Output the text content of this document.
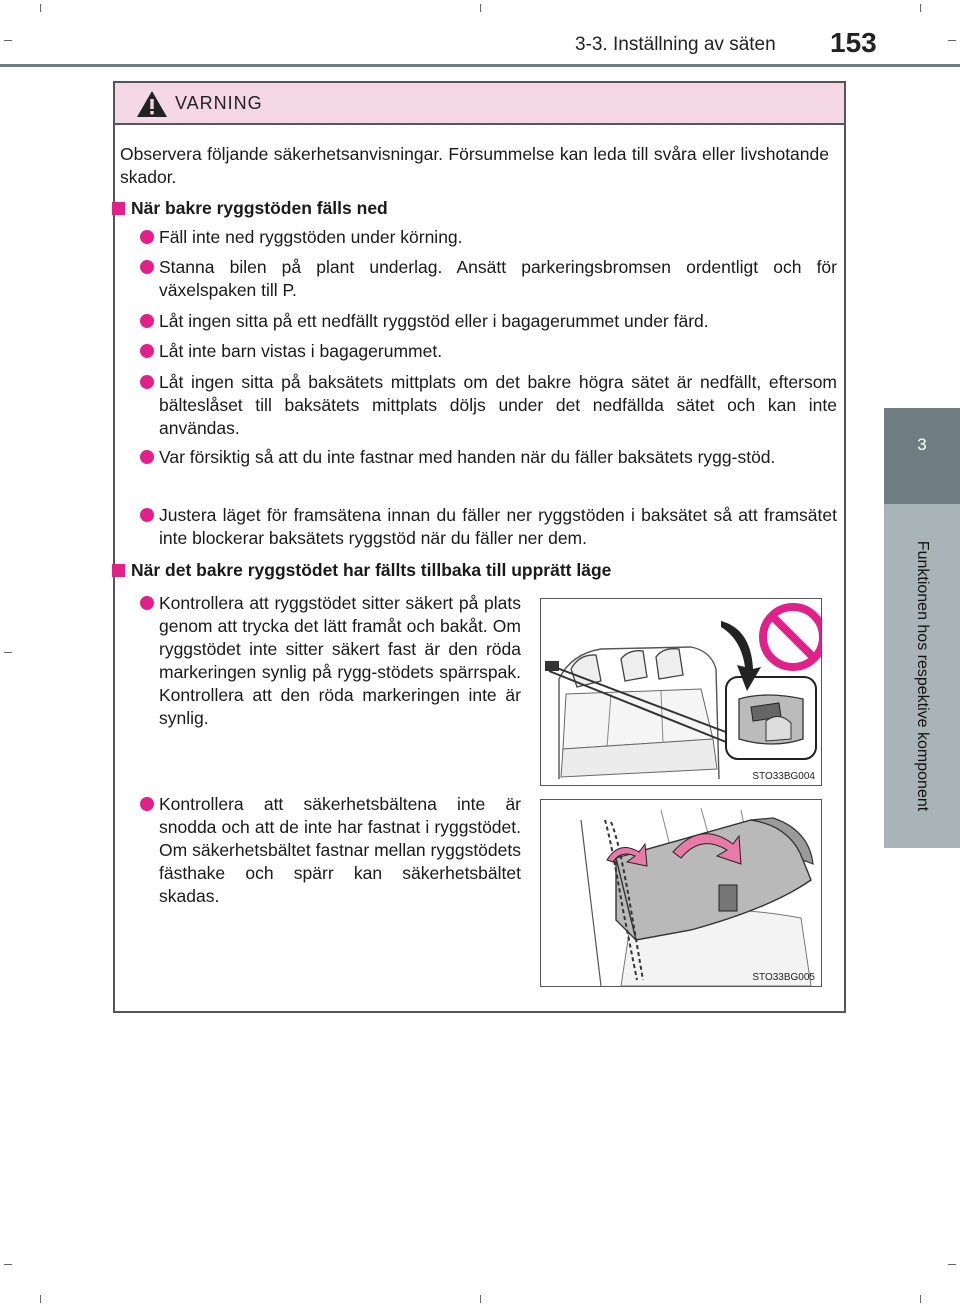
3-3. Inställning av säten 153
3
Funktionen hos respektive komponent
VARNING
Observera följande säkerhetsanvisningar. Försummelse kan leda till svåra eller livshotande skador.
När bakre ryggstöden fälls ned
Fäll inte ned ryggstöden under körning.
Stanna bilen på plant underlag. Ansätt parkeringsbromsen ordentligt och för växelspaken till P.
Låt ingen sitta på ett nedfällt ryggstöd eller i bagagerummet under färd.
Låt inte barn vistas i bagagerummet.
Låt ingen sitta på baksätets mittplats om det bakre högra sätet är nedfällt, eftersom bälteslåset till baksätets mittplats döljs under det nedfällda sätet och kan inte användas.
Var försiktig så att du inte fastnar med handen när du fäller baksätets rygg-stöd.
Justera läget för framsätena innan du fäller ner ryggstöden i baksätet så att framsätet inte blockerar baksätets ryggstöd när du fäller ner dem.
När det bakre ryggstödet har fällts tillbaka till upprätt läge
Kontrollera att ryggstödet sitter säkert på plats genom att trycka det lätt framåt och bakåt. Om ryggstödet inte sitter säkert fast är den röda markeringen synlig på rygg-stödets spärrspak. Kontrollera att den röda markeringen inte är synlig.
STO33BG004
Kontrollera att säkerhetsbältena inte är snodda och att de inte har fastnat i ryggstödet. Om säkerhetsbältet fastnar mellan ryggstödets fästhake och spärr kan säkerhetsbältet skadas.
STO33BG005
